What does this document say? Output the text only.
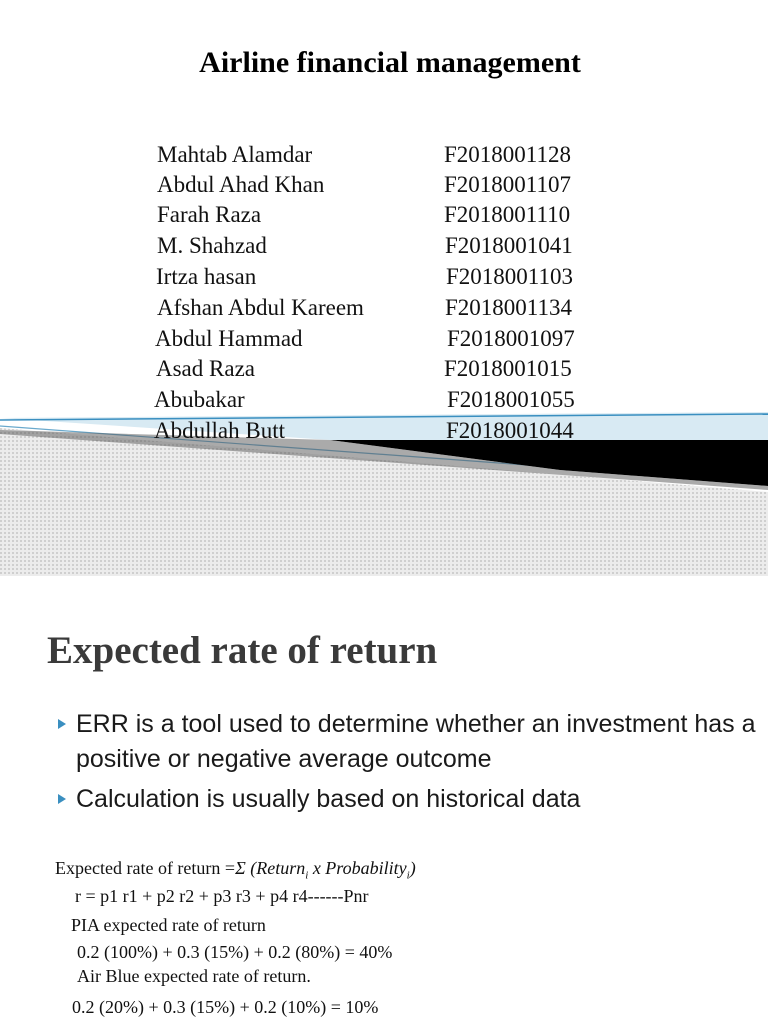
Airline financial management
Mahtab Alamdar	F2018001128
Abdul Ahad Khan	F2018001107
Farah Raza	F2018001110
M. Shahzad	F2018001041
Irtza hasan	F2018001103
Afshan Abdul Kareem	F2018001134
Abdul Hammad	F2018001097
Asad Raza	F2018001015
Abubakar	F2018001055
Abdullah Butt	F2018001044
Expected rate of return
ERR is a tool used to determine whether an investment has a positive or negative average outcome
Calculation is usually based on historical data
Expected rate of return =Σ (Return$_i$ x Probability$_i$)
r = p1 r1 + p2 r2 + p3 r3 + p4 r4------Pnr
PIA expected rate of return
0.2 (100%) + 0.3 (15%) + 0.2 (80%) = 40%
Air Blue expected rate of return.
0.2 (20%) + 0.3 (15%) + 0.2 (10%) = 10%
